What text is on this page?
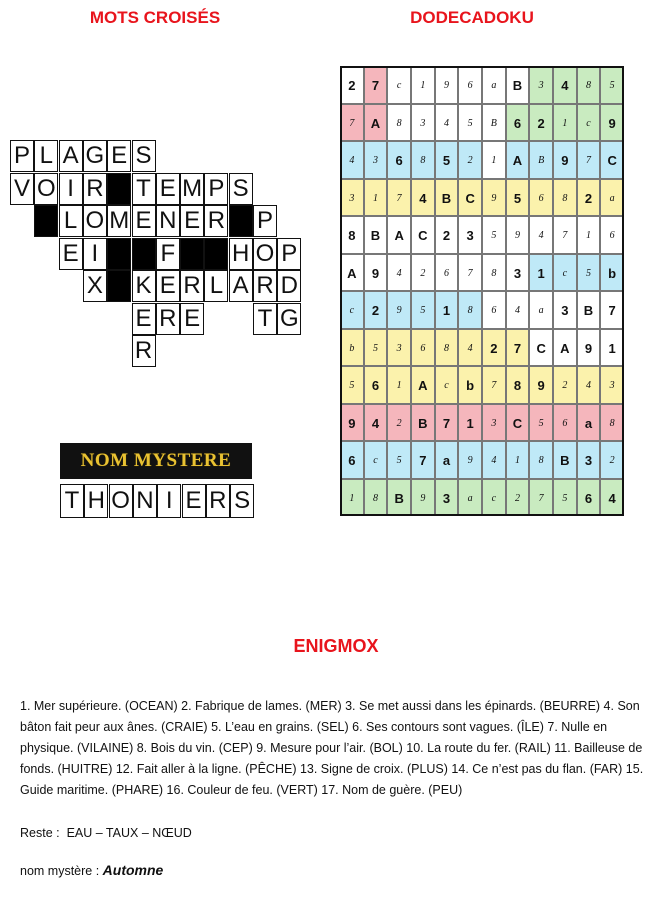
MOTS CROISÉS	DODECADOKU
P L A G E S
V O I R T E M P S
L O M E N E R P
E I	F H O P
X K E R L A R D
E R E T G
R
NOM MYSTERE
T H O N I E R S
2	7	c	1	9	6	a	B	3	4	8	5
7	A	8	3	4	5	B	6	2	1	c	9
4	3	6	8	5	2	1	A	B	9	7	C
3	1	7	4	B	C	9	5	6	8	2	a
8	B	A	C	2	3	5	9	4	7	1	6
A	9	4	2	6	7	8	3	1	c	5	b
c	2	9	5	1	8	6	4	a	3	B	7
b	5	3	6	8	4	2	7	C	A	9	1
5	6	1	A	c	b	7	8	9	2	4	3
9	4	2	B	7	1	3	C	5	6	a	8
6	c	5	7	a	9	4	1	8	B	3	2
1	8	B	9	3	a	c	2	7	5	6	4
ENIGMOX

1. Mer supérieure. (OCEAN) 2. Fabrique de lames. (MER) 3. Se met aussi dans les épinards. (BEURRE) 4. Son bâton fait peur aux ânes. (CRAIE) 5. L’eau en grains. (SEL) 6. Ses contours sont vagues. (ÎLE) 7. Nulle en physique. (VILAINE) 8. Bois du vin. (CEP) 9. Mesure pour l’air. (BOL) 10. La route du fer. (RAIL) 11. Bailleuse de fonds. (HUITRE) 12. Fait aller à la ligne. (PÊCHE) 13. Signe de croix. (PLUS) 14. Ce n’est pas du flan. (FAR) 15. Guide maritime. (PHARE) 16. Couleur de feu. (VERT) 17. Nom de guère. (PEU)

Reste : EAU – TAUX – NŒUD

nom mystère : Automne
